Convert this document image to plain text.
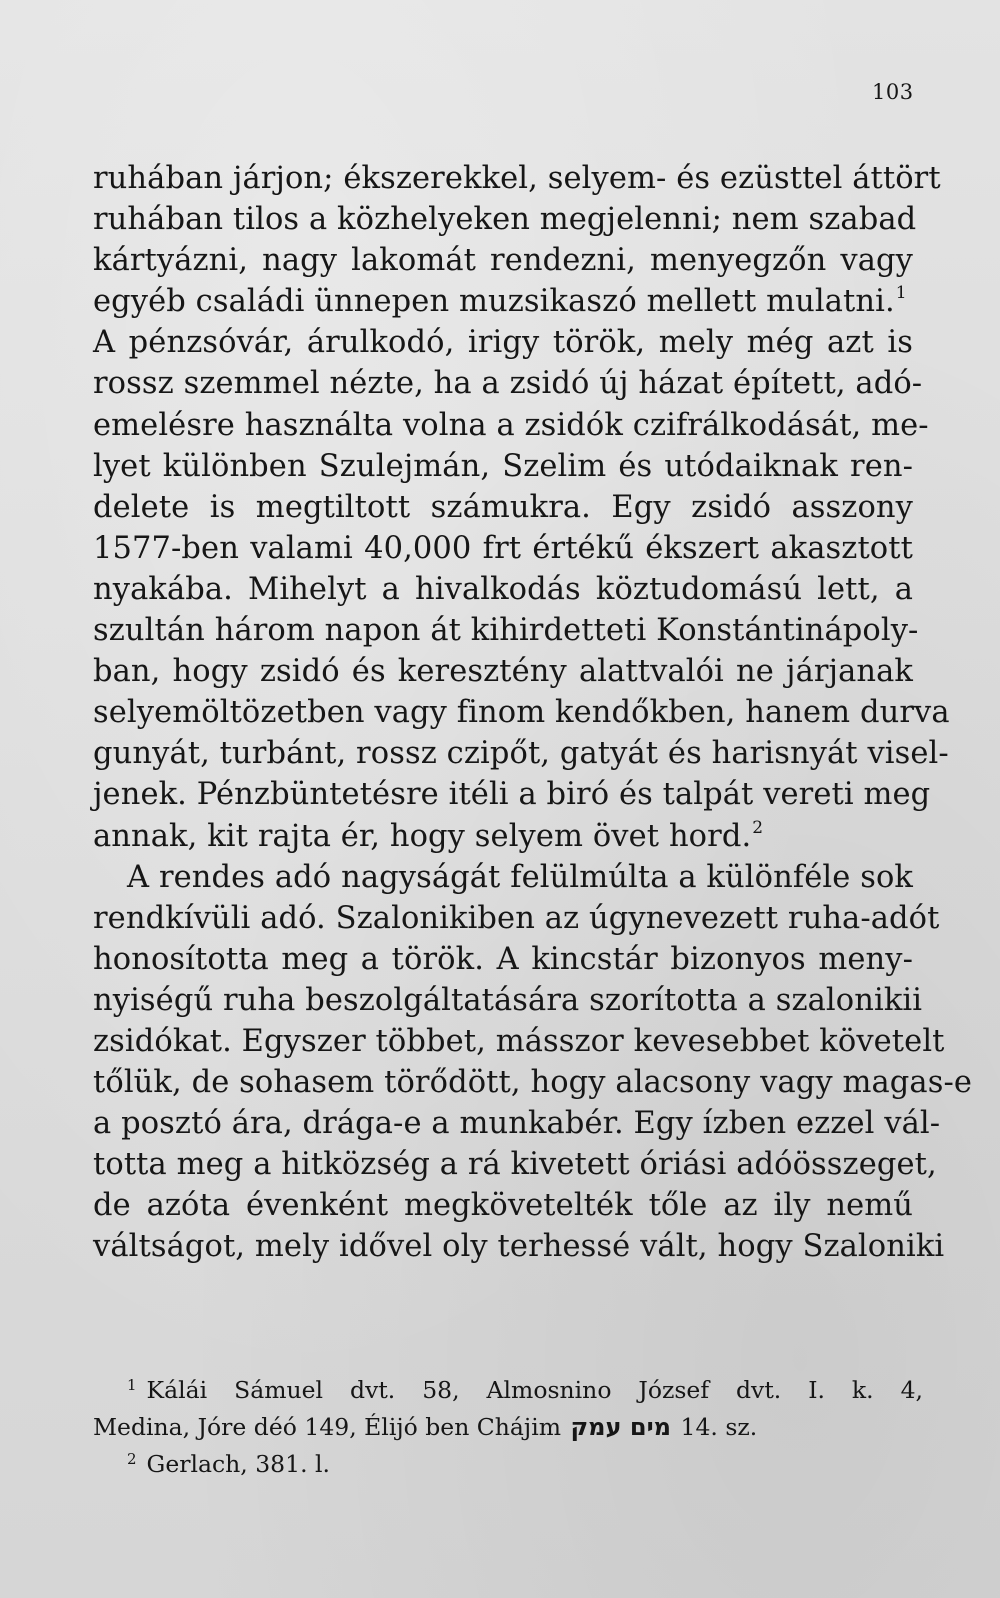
103
ruhában járjon; ékszerekkel, selyem- és ezüsttel áttört
ruhában tilos a közhelyeken megjelenni; nem szabad
kártyázni, nagy lakomát rendezni, menyegzőn vagy
egyéb családi ünnepen muzsikaszó mellett mulatni.$^1$
A pénzsóvár, árulkodó, irigy török, mely még azt is
rossz szemmel nézte, ha a zsidó új házat épített, adó-
emelésre használta volna a zsidók czifrálkodását, me-
lyet különben Szulejmán, Szelim és utódaiknak ren-
delete is megtiltott számukra. Egy zsidó asszony
1577-ben valami 40,000 frt értékű ékszert akasztott
nyakába. Mihelyt a hivalkodás köztudomású lett, a
szultán három napon át kihirdetteti Konstántinápoly-
ban, hogy zsidó és keresztény alattvalói ne járjanak
selyemöltözetben vagy finom kendőkben, hanem durva
gunyát, turbánt, rossz czipőt, gatyát és harisnyát visel-
jenek. Pénzbüntetésre itéli a biró és talpát vereti meg
annak, kit rajta ér, hogy selyem övet hord.$^2$
A rendes adó nagyságát felülmúlta a különféle sok
rendkívüli adó. Szalonikiben az úgynevezett ruha-adót
honosította meg a török. A kincstár bizonyos meny-
nyiségű ruha beszolgáltatására szorította a szalonikii
zsidókat. Egyszer többet, másszor kevesebbet követelt
tőlük, de sohasem törődött, hogy alacsony vagy magas-e
a posztó ára, drága-e a munkabér. Egy ízben ezzel vál-
totta meg a hitközség a rá kivetett óriási adóösszeget,
de azóta évenként megkövetelték tőle az ily nemű
váltságot, mely idővel oly terhessé vált, hogy Szaloniki
$^1$ Kálái Sámuel dvt. 58, Almosnino József dvt. I. k. 4,
Medina, Jóre déó 149, Élijó ben Chájim מים עמק 14. sz.
$^2$ Gerlach, 381. l.
